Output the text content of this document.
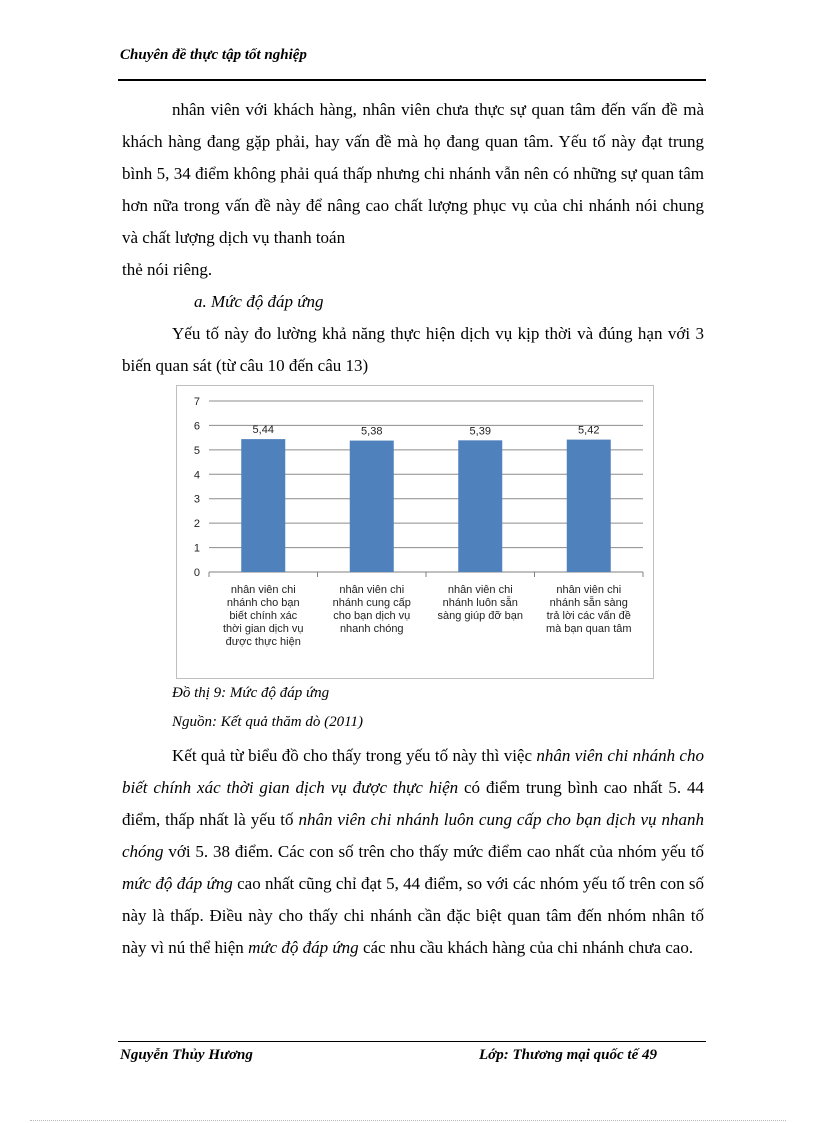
Chuyên đề thực tập tốt nghiệp
nhân viên với khách hàng, nhân viên chưa thực sự quan tâm đến vấn đề mà khách hàng đang gặp phải, hay vấn đề mà họ đang quan tâm. Yếu tố này đạt trung bình 5, 34 điểm không phải quá thấp nhưng chi nhánh vẫn nên có những sự quan tâm hơn nữa trong vấn đề này để nâng cao chất lượng phục vụ của chi nhánh nói chung và chất lượng dịch vụ thanh toán
thẻ nói riêng.
a. Mức độ đáp ứng
Yếu tố này đo lường khả năng thực hiện dịch vụ kịp thời và đúng hạn với 3 biến quan sát (từ câu 10 đến câu 13)
0
1
2
3
4
5
6
7
5,44
nhân viên chi
nhánh cho bạn
biết chính xác
thời gian dịch vụ
được thực hiện
5,38
nhân viên chi
nhánh cung cấp
cho bạn dịch vụ
nhanh chóng
5,39
nhân viên chi
nhánh luôn sẵn
sàng giúp đỡ bạn
5,42
nhân viên chi
nhánh sẵn sàng
trả lời các vấn đề
mà bạn quan tâm
Đồ thị 9: Mức độ đáp ứng
Nguồn: Kết quả thăm dò (2011)
Kết quả từ biểu đồ cho thấy trong yếu tố này thì việc nhân viên chi nhánh cho biết chính xác thời gian dịch vụ được thực hiện có điểm trung bình cao nhất 5. 44 điểm, thấp nhất là yếu tố nhân viên chi nhánh luôn cung cấp cho bạn dịch vụ nhanh chóng với 5. 38 điểm. Các con số trên cho thấy mức điểm cao nhất của nhóm yếu tố mức độ đáp ứng cao nhất cũng chỉ đạt 5, 44 điểm, so với các nhóm yếu tố trên con số này là thấp. Điều này cho thấy chi nhánh cần đặc biệt quan tâm đến nhóm nhân tố này vì nú thể hiện mức độ đáp ứng các nhu cầu khách hàng của chi nhánh chưa cao.
Nguyễn Thủy Hương	Lớp: Thương mại quốc tế 49
